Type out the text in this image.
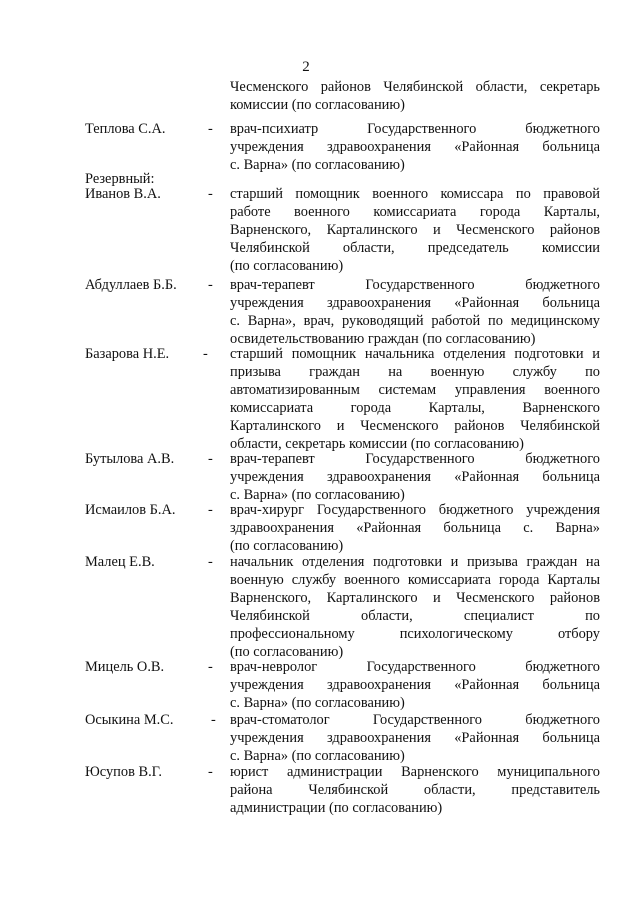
2
Чесменского районов Челябинской области, секретарь
комиссии (по согласованию)
Теплова С.А.	-	врач-психиатр Государственного бюджетного
учреждения здравоохранения «Районная больница
с. Варна» (по согласованию)
Резервный:
Иванов В.А.	-	старший помощник военного комиссара по правовой
работе военного комиссариата города Карталы,
Варненского, Карталинского и Чесменского районов
Челябинской области, председатель комиссии
(по согласованию)
Абдуллаев Б.Б.	-	врач-терапевт Государственного бюджетного
учреждения здравоохранения «Районная больница
с. Варна», врач, руководящий работой по медицинскому
освидетельствованию граждан (по согласованию)
Базарова Н.Е.	-	старший помощник начальника отделения подготовки и
призыва граждан на военную службу по
автоматизированным системам управления военного
комиссариата города Карталы, Варненского
Карталинского и Чесменского районов Челябинской
области, секретарь комиссии (по согласованию)
Бутылова А.В.	-	врач-терапевт Государственного бюджетного
учреждения здравоохранения «Районная больница
с. Варна» (по согласованию)
Исмаилов Б.А.	-	врач-хирург Государственного бюджетного учреждения
здравоохранения «Районная больница с. Варна»
(по согласованию)
Малец Е.В.	-	начальник отделения подготовки и призыва граждан на
военную службу военного комиссариата города Карталы
Варненского, Карталинского и Чесменского районов
Челябинской области, специалист по
профессиональному психологическому отбору
(по согласованию)
Мицель О.В.	-	врач-невролог Государственного бюджетного
учреждения здравоохранения «Районная больница
с. Варна» (по согласованию)
Осыкина М.С.	- врач-стоматолог Государственного бюджетного
учреждения здравоохранения «Районная больница
с. Варна» (по согласованию)
Юсупов В.Г.	-	юрист администрации Варненского муниципального
района Челябинской области, представитель
администрации (по согласованию)
